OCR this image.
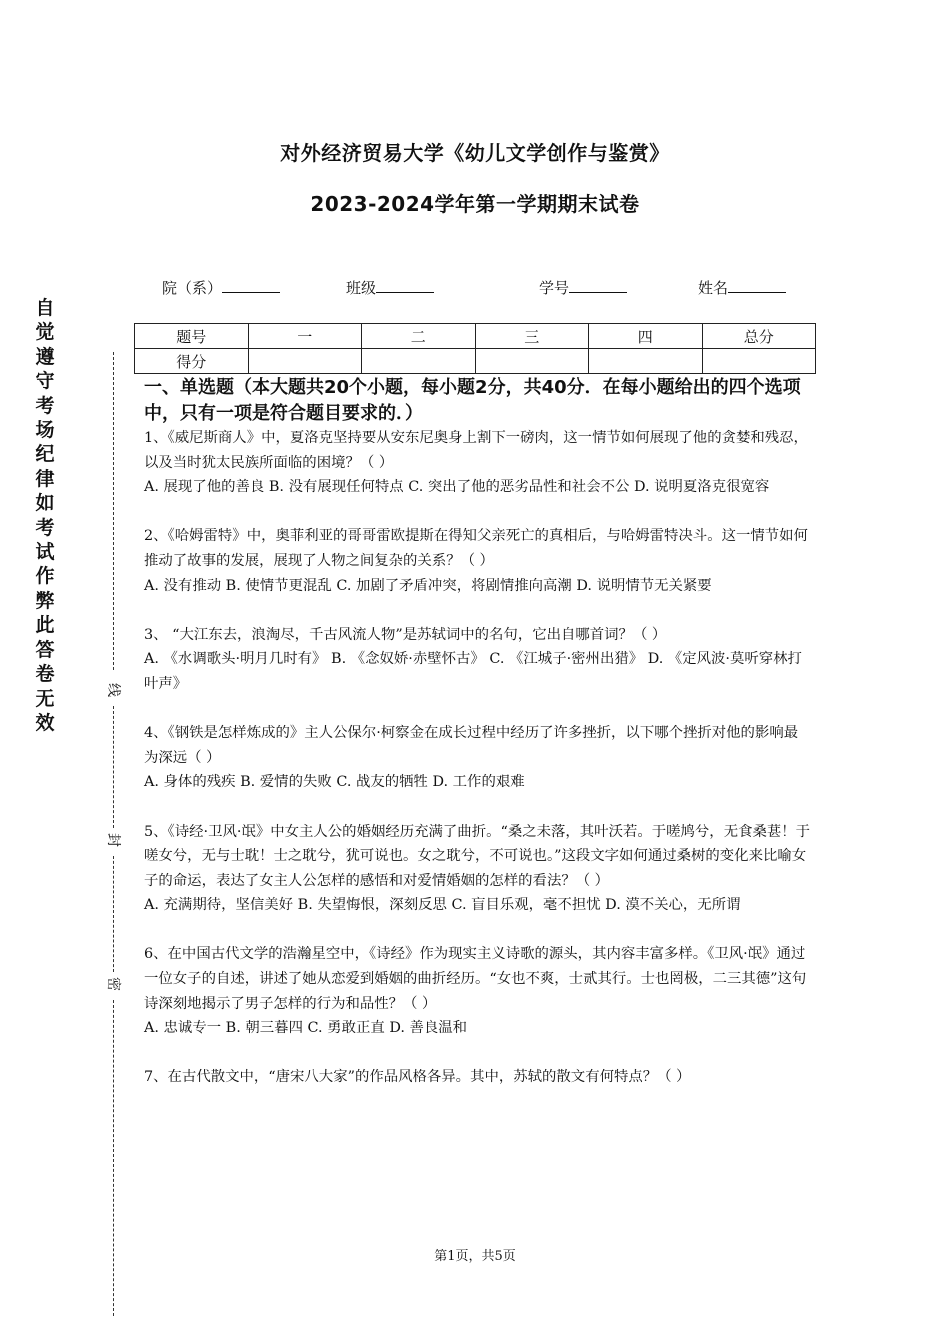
对外经济贸易大学《幼儿文学创作与鉴赏》
2023-2024学年第一学期期末试卷
院（系）	班级	学号	姓名
题号	一	二	三	四	总分
得分					
自
觉
遵
守
考
场
纪
律
如
考
试
作
弊
此
答
卷
无
效
线
封
密
一、单选题（本大题共20个小题，每小题2分，共40分．在每小题给出的四个选项中，只有一项是符合题目要求的．）

1、《威尼斯商人》中，夏洛克坚持要从安东尼奥身上割下一磅肉，这一情节如何展现了他的贪婪和残忍，以及当时犹太民族所面临的困境？（ ）

A. 展现了他的善良 B. 没有展现任何特点 C. 突出了他的恶劣品性和社会不公 D. 说明夏洛克很宽容

2、《哈姆雷特》中，奥菲利亚的哥哥雷欧提斯在得知父亲死亡的真相后，与哈姆雷特决斗。这一情节如何推动了故事的发展，展现了人物之间复杂的关系？（ ）

A. 没有推动 B. 使情节更混乱 C. 加剧了矛盾冲突，将剧情推向高潮 D. 说明情节无关紧要

3、 “大江东去，浪淘尽，千古风流人物”是苏轼词中的名句，它出自哪首词？（ ）

A. 《水调歌头·明月几时有》 B. 《念奴娇·赤壁怀古》 C. 《江城子·密州出猎》 D. 《定风波·莫听穿林打叶声》

4、《钢铁是怎样炼成的》主人公保尔·柯察金在成长过程中经历了许多挫折，以下哪个挫折对他的影响最为深远（ ）

A. 身体的残疾 B. 爱情的失败 C. 战友的牺牲 D. 工作的艰难

5、《诗经·卫风·氓》中女主人公的婚姻经历充满了曲折。“桑之未落，其叶沃若。于嗟鸠兮，无食桑葚！于嗟女兮，无与士耽！士之耽兮，犹可说也。女之耽兮，不可说也。”这段文字如何通过桑树的变化来比喻女子的命运，表达了女主人公怎样的感悟和对爱情婚姻的怎样的看法？（ ）

A. 充满期待，坚信美好 B. 失望悔恨，深刻反思 C. 盲目乐观，毫不担忧 D. 漠不关心，无所谓

6、在中国古代文学的浩瀚星空中，《诗经》作为现实主义诗歌的源头，其内容丰富多样。《卫风·氓》通过一位女子的自述，讲述了她从恋爱到婚姻的曲折经历。“女也不爽，士贰其行。士也罔极，二三其德”这句诗深刻地揭示了男子怎样的行为和品性？（ ）

A. 忠诚专一 B. 朝三暮四 C. 勇敢正直 D. 善良温和

7、在古代散文中，“唐宋八大家”的作品风格各异。其中，苏轼的散文有何特点？（ ）

第1页，共5页
